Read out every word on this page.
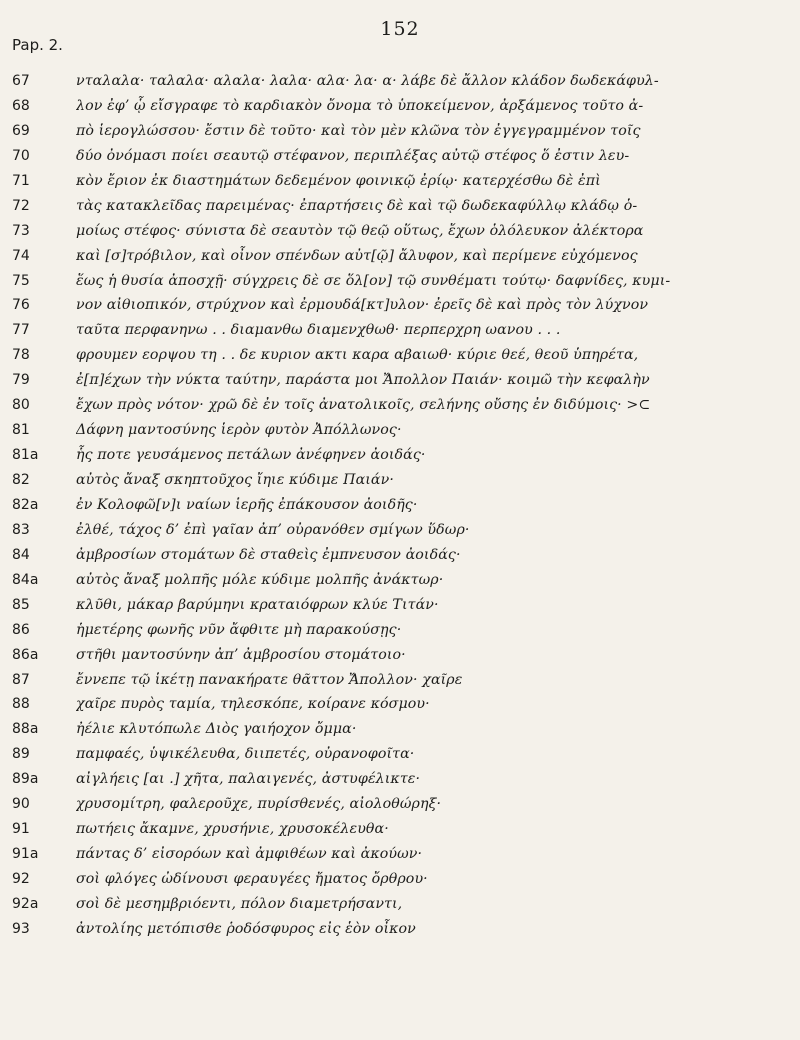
152
Pap. 2.
67	νταλαλα· ταλαλα· αλαλα· λαλα· αλα· λα· α· λάβε δὲ ἄλλον κλάδον δωδεκάφυλ-
68	λον ἐφ’ ᾧ εἴσγραφε τὸ καρδιακὸν ὄνομα τὸ ὑποκείμενον, ἀρξάμενος τοῦτο ἀ-
69	πὸ ἱερογλώσσου· ἔστιν δὲ τοῦτο· καὶ τὸν μὲν κλῶνα τὸν ἐγγεγραμμένον τοῖς
70	δύο ὀνόμασι ποίει σεαυτῷ στέφανον, περιπλέξας αὐτῷ στέφος ὅ ἐστιν λευ-
71	κὸν ἔριον ἐκ διαστημάτων δεδεμένον φοινικῷ ἐρίῳ· κατερχέσθω δὲ ἐπὶ
72	τὰς κατακλεῖδας παρειμένας· ἐπαρτήσεις δὲ καὶ τῷ δωδεκαφύλλῳ κλάδῳ ὁ-
73	μοίως στέφος· σύνιστα δὲ σεαυτὸν τῷ θεῷ οὕτως, ἔχων ὁλόλευκον ἀλέκτορα
74	καὶ [σ]τρόβιλον, καὶ οἶνον σπένδων αὐτ[ῷ] ἄλυφον, καὶ περίμενε εὐχόμενος
75	ἕως ἡ θυσία ἀποσχῇ· σύγχρεις δὲ σε ὅλ[ον] τῷ συνθέματι τούτῳ· δαφνίδες, κυμι-
76	νον αἰθιοπικόν, στρύχνον καὶ ἐρμουδά[κτ]υλον· ἐρεῖς δὲ καὶ πρὸς τὸν λύχνον
77	ταῦτα περφανηνω . . διαμανθω διαμενχθωθ· περπερχρη ωανου . . .
78	φρουμεν εορψου τη . . δε κυριον ακτι καρα αβαιωθ· κύριε θεέ, θεοῦ ὑπηρέτα,
79	ἐ[π]έχων τὴν νύκτα ταύτην, παράστα μοι Ἄπολλον Παιάν· κοιμῶ τὴν κεφαλὴν
80	ἔχων πρὸς νότον· χρῶ δὲ ἐν τοῖς ἀνατολικοῖς, σελήνης οὔσης ἐν διδύμοις· >⊂
81	Δάφνη μαντοσύνης ἱερὸν φυτὸν Ἀπόλλωνος·
81a	ἧς ποτε γευσάμενος πετάλων ἀνέφηνεν ἀοιδάς·
82	αὐτὸς ἄναξ σκηπτοῦχος ἴηιε κύδιμε Παιάν·
82a	ἐν Κολοφῶ[ν]ι ναίων ἱερῆς ἐπάκουσον ἀοιδῆς·
83	ἐλθέ, τάχος δ’ ἐπὶ γαῖαν ἀπ’ οὐρανόθεν σμίγων ὕδωρ·
84	ἀμβροσίων στομάτων δὲ σταθεὶς ἐμπνευσον ἀοιδάς·
84a	αὐτὸς ἄναξ μολπῆς μόλε κύδιμε μολπῆς ἀνάκτωρ·
85	κλῦθι, μάκαρ βαρύμηνι κραταιόφρων κλύε Τιτάν·
86	ἡμετέρης φωνῆς νῦν ἄφθιτε μὴ παρακούσῃς·
86a	στῆθι μαντοσύνην ἀπ’ ἀμβροσίου στομάτοιο·
87	ἔννεπε τῷ ἱκέτῃ πανακήρατε θᾶττον Ἄπολλον· χαῖρε
88	χαῖρε πυρὸς ταμία, τηλεσκόπε, κοίρανε κόσμου·
88a	ἠέλιε κλυτόπωλε Διὸς γαιήοχον ὄμμα·
89	παμφαές, ὑψικέλευθα, διιπετές, οὐρανοφοῖτα·
89a	αἰγλήεις [αι .] χῆτα, παλαιγενές, ἀστυφέλικτε·
90	χρυσομίτρη, φαλεροῦχε, πυρίσθενές, αἰολοθώρηξ·
91	πωτήεις ἄκαμνε, χρυσήνιε, χρυσοκέλευθα·
91a	πάντας δ’ εἰσορόων καὶ ἀμφιθέων καὶ ἀκούων·
92	σοὶ φλόγες ὠδίνουσι φεραυγέες ἤματος ὄρθρου·
92a	σοὶ δὲ μεσημβριόεντι, πόλον διαμετρήσαντι,
93	ἀντολίης μετόπισθε ῥοδόσφυρος εἰς ἑὸν οἶκον
